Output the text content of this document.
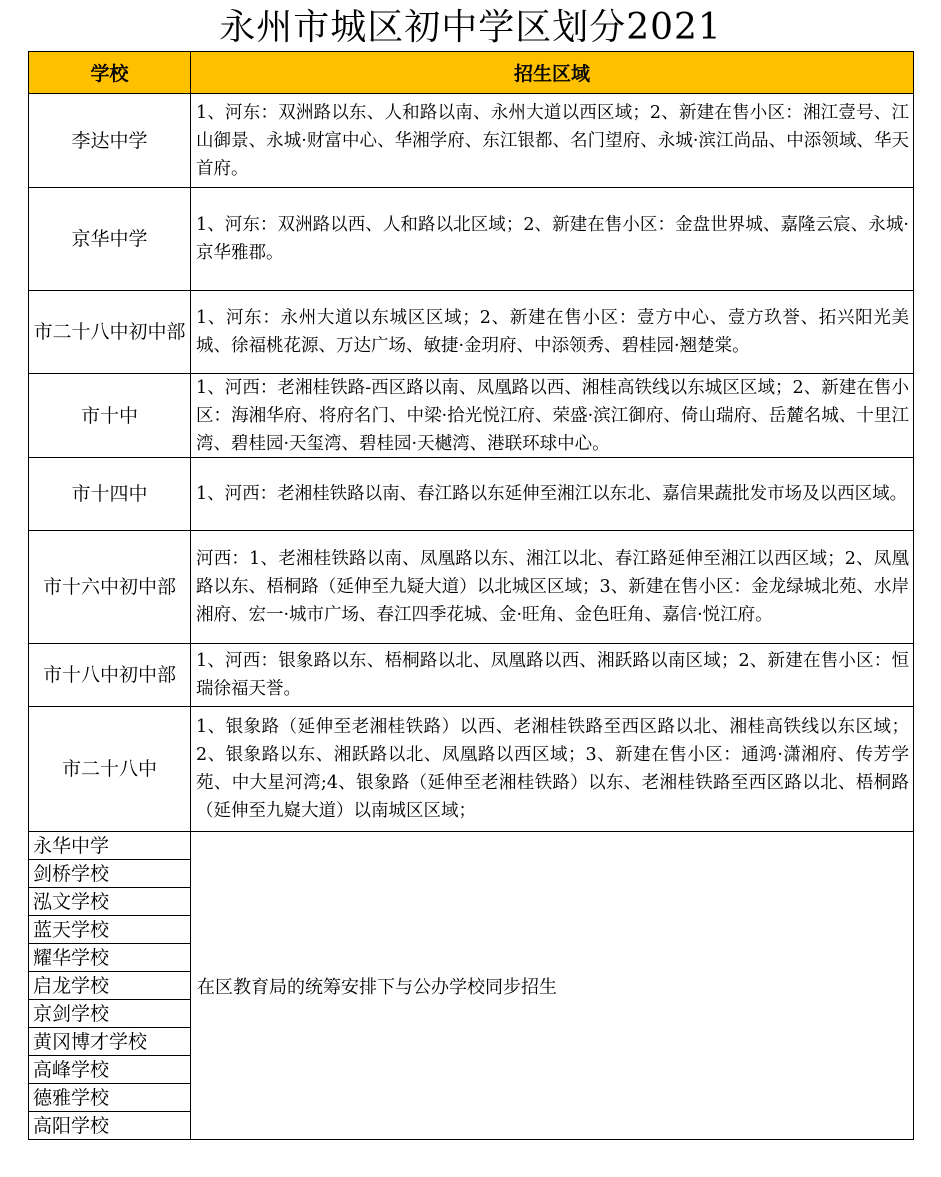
永州市城区初中学区划分2021
学校	招生区域
李达中学	1、河东：双洲路以东、人和路以南、永州大道以西区域；2、新建在售小区：湘江壹号、江山御景、永城·财富中心、华湘学府、东江银都、名门望府、永城·滨江尚品、中添领域、华天首府。
京华中学	1、河东：双洲路以西、人和路以北区域；2、新建在售小区：金盘世界城、嘉隆云宸、永城·京华雅郡。
市二十八中初中部	1、河东：永州大道以东城区区域；2、新建在售小区：壹方中心、壹方玖誉、拓兴阳光美城、徐福桃花源、万达广场、敏捷·金玥府、中添领秀、碧桂园·翘楚棠。

市十中	1、河西：老湘桂铁路-西区路以南、凤凰路以西、湘桂高铁线以东城区区域；2、新建在售小区：海湘华府、将府名门、中梁·拾光悦江府、荣盛·滨江御府、倚山瑞府、岳麓名城、十里江湾、碧桂园·天玺湾、碧桂园·天樾湾、港联环球中心。

市十四中	1、河西：老湘桂铁路以南、春江路以东延伸至湘江以东北、嘉信果蔬批发市场及以西区域。
市十六中初中部	河西：1、老湘桂铁路以南、凤凰路以东、湘江以北、春江路延伸至湘江以西区域；2、凤凰路以东、梧桐路（延伸至九疑大道）以北城区区域；3、新建在售小区：金龙绿城北苑、水岸湘府、宏一·城市广场、春江四季花城、金·旺角、金色旺角、嘉信·悦江府。
市十八中初中部	1、河西：银象路以东、梧桐路以北、凤凰路以西、湘跃路以南区域；2、新建在售小区：恒瑞徐福天誉。
市二十八中	1、银象路（延伸至老湘桂铁路）以西、老湘桂铁路至西区路以北、湘桂高铁线以东区域；2、银象路以东、湘跃路以北、凤凰路以西区域；3、新建在售小区：通鸿·潇湘府、传芳学苑、中大星河湾;4、银象路（延伸至老湘桂铁路）以东、老湘桂铁路至西区路以北、梧桐路（延伸至九嶷大道）以南城区区域；
永华中学	在区教育局的统筹安排下与公办学校同步招生
剑桥学校	
泓文学校	
蓝天学校	
耀华学校	
启龙学校	
京剑学校	
黄冈博才学校	
高峰学校	
德雅学校	
高阳学校	
